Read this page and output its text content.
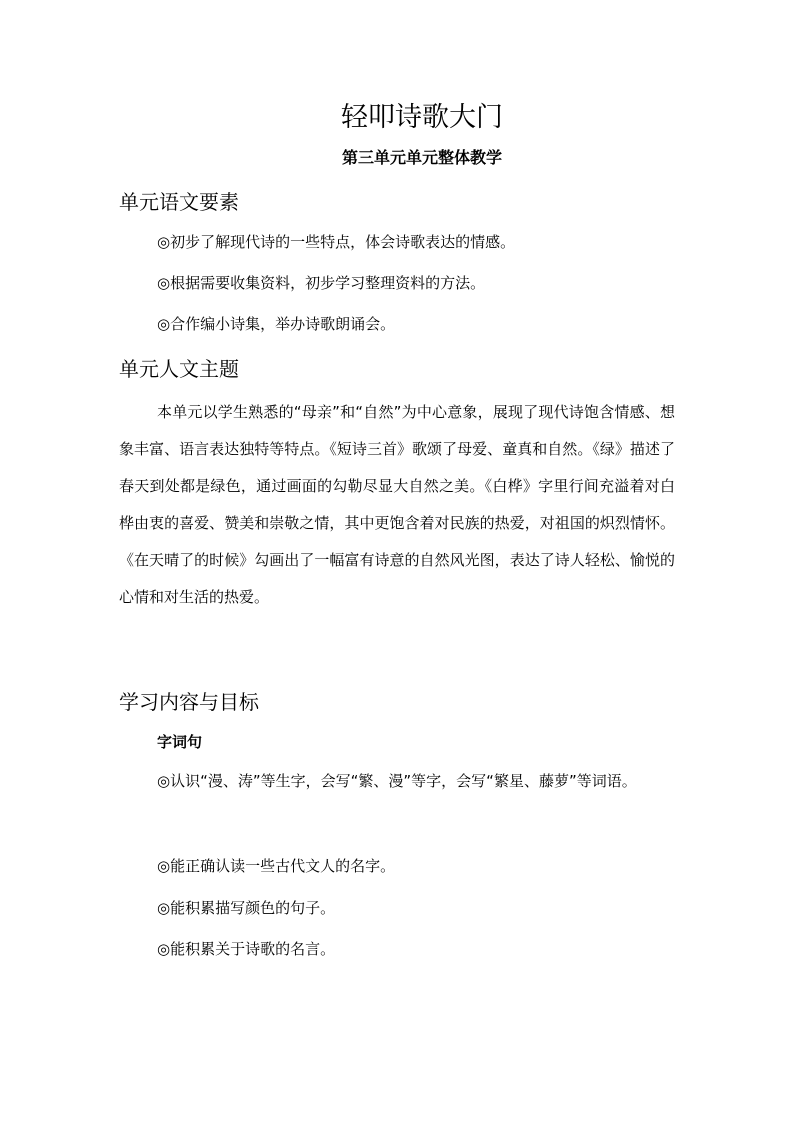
轻叩诗歌大门
第三单元单元整体教学
单元语文要素
◎初步了解现代诗的一些特点，体会诗歌表达的情感。
◎根据需要收集资料，初步学习整理资料的方法。
◎合作编小诗集，举办诗歌朗诵会。
单元人文主题
本单元以学生熟悉的“母亲”和“自然”为中心意象，展现了现代诗饱含情感、想象丰富、语言表达独特等特点。《短诗三首》歌颂了母爱、童真和自然。《绿》描述了春天到处都是绿色，通过画面的勾勒尽显大自然之美。《白桦》字里行间充溢着对白桦由衷的喜爱、赞美和崇敬之情，其中更饱含着对民族的热爱，对祖国的炽烈情怀。《在天晴了的时候》勾画出了一幅富有诗意的自然风光图，表达了诗人轻松、愉悦的心情和对生活的热爱。
学习内容与目标
字词句
◎认识“漫、涛”等生字，会写“繁、漫”等字，会写“繁星、藤萝”等词语。
◎能正确认读一些古代文人的名字。
◎能积累描写颜色的句子。
◎能积累关于诗歌的名言。
